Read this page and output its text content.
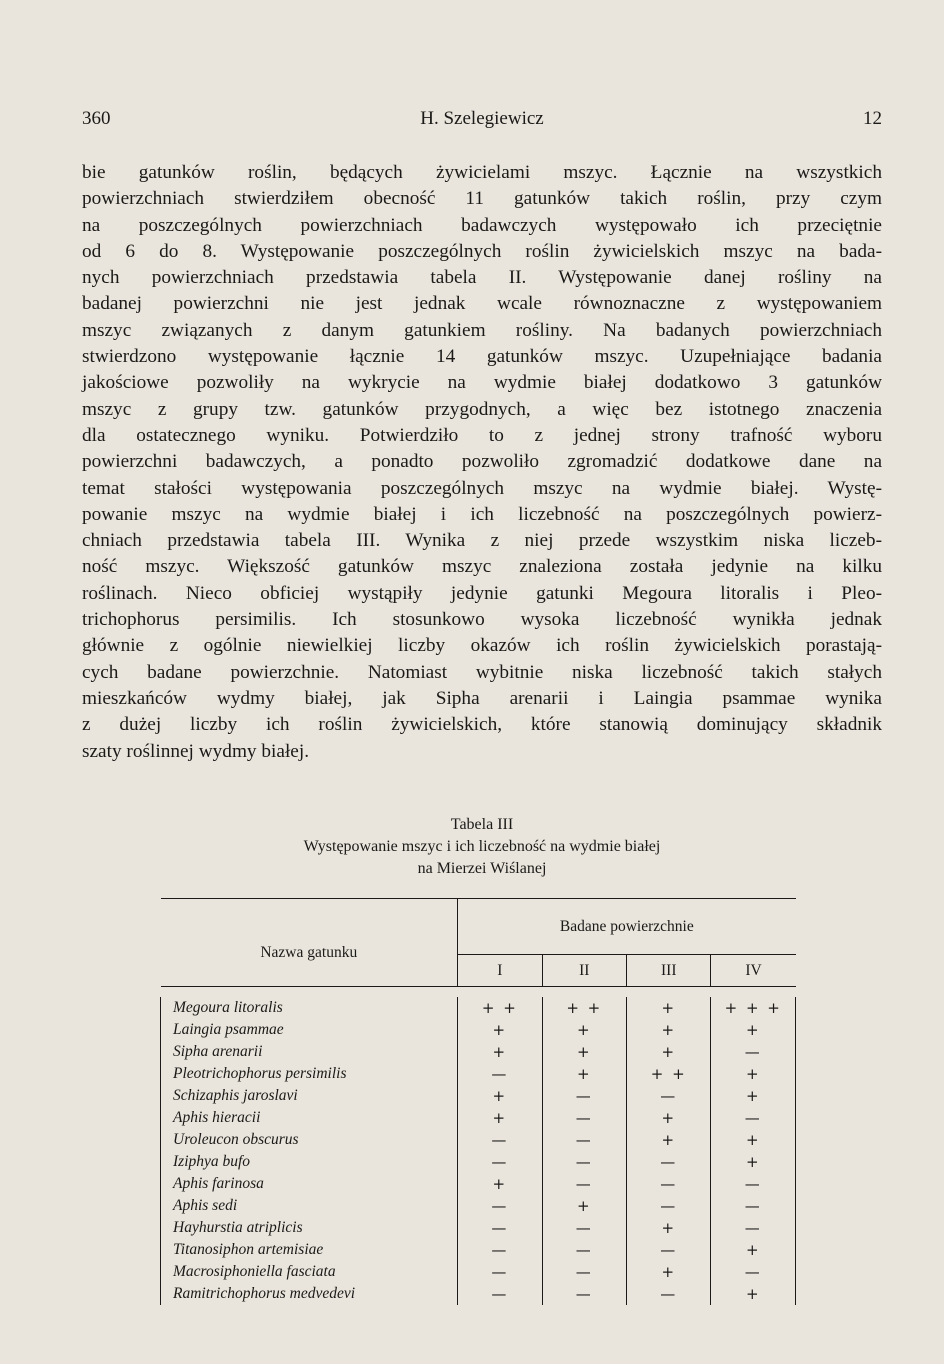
360	H. Szelegiewicz	12
bie gatunków roślin, będących żywicielami mszyc. Łącznie na wszystkich
powierzchniach stwierdziłem obecność 11 gatunków takich roślin, przy czym
na poszczególnych powierzchniach badawczych występowało ich przeciętnie
od 6 do 8. Występowanie poszczególnych roślin żywicielskich mszyc na bada-
nych powierzchniach przedstawia tabela II. Występowanie danej rośliny na
badanej powierzchni nie jest jednak wcale równoznaczne z występowaniem
mszyc związanych z danym gatunkiem rośliny. Na badanych powierzchniach
stwierdzono występowanie łącznie 14 gatunków mszyc. Uzupełniające badania
jakościowe pozwoliły na wykrycie na wydmie białej dodatkowo 3 gatunków
mszyc z grupy tzw. gatunków przygodnych, a więc bez istotnego znaczenia
dla ostatecznego wyniku. Potwierdziło to z jednej strony trafność wyboru
powierzchni badawczych, a ponadto pozwoliło zgromadzić dodatkowe dane na
temat stałości występowania poszczególnych mszyc na wydmie białej. Wystę-
powanie mszyc na wydmie białej i ich liczebność na poszczególnych powierz-
chniach przedstawia tabela III. Wynika z niej przede wszystkim niska liczeb-
ność mszyc. Większość gatunków mszyc znaleziona została jedynie na kilku
roślinach. Nieco obficiej wystąpiły jedynie gatunki Megoura litoralis i Pleo-
trichophorus persimilis. Ich stosunkowo wysoka liczebność wynikła jednak
głównie z ogólnie niewielkiej liczby okazów ich roślin żywicielskich porastają-
cych badane powierzchnie. Natomiast wybitnie niska liczebność takich stałych
mieszkańców wydmy białej, jak Sipha arenarii i Laingia psammae wynika
z dużej liczby ich roślin żywicielskich, które stanowią dominujący składnik
szaty roślinnej wydmy białej.
Tabela III
Występowanie mszyc i ich liczebność na wydmie białej
na Mierzei Wiślanej
Nazwa gatunku	Badane powierzchnie			
	I	II	III	IV

Megoura litoralis	+ +	+ +	+	+ + +
Laingia psammae	+	+	+	+
Sipha arenarii	+	+	+	—
Pleotrichophorus persimilis	—	+	+ +	+
Schizaphis jaroslavi	+	—	—	+
Aphis hieracii	+	—	+	—
Uroleucon obscurus	—	—	+	+
Iziphya bufo	—	—	—	+
Aphis farinosa	+	—	—	—
Aphis sedi	—	+	—	—
Hayhurstia atriplicis	—	—	+	—
Titanosiphon artemisiae	—	—	—	+
Macrosiphoniella fasciata	—	—	+	—
Ramitrichophorus medvedevi	—	—	—	+
